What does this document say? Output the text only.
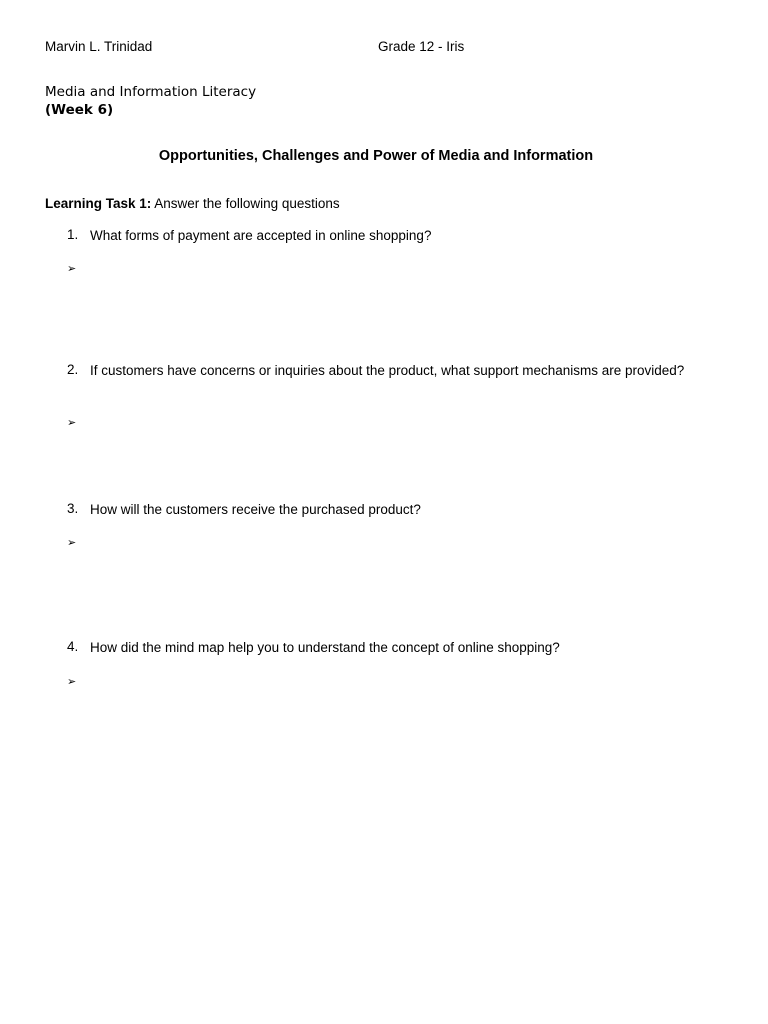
Marvin L. Trinidad	Grade 12 - Iris
Media and Information Literacy
(Week 6)
Opportunities, Challenges and Power of Media and Information
Learning Task 1: Answer the following questions
1. What forms of payment are accepted in online shopping?
➢
2. If customers have concerns or inquiries about the product, what support mechanisms are provided?
➢
3. How will the customers receive the purchased product?
➢
4. How did the mind map help you to understand the concept of online shopping?
➢
